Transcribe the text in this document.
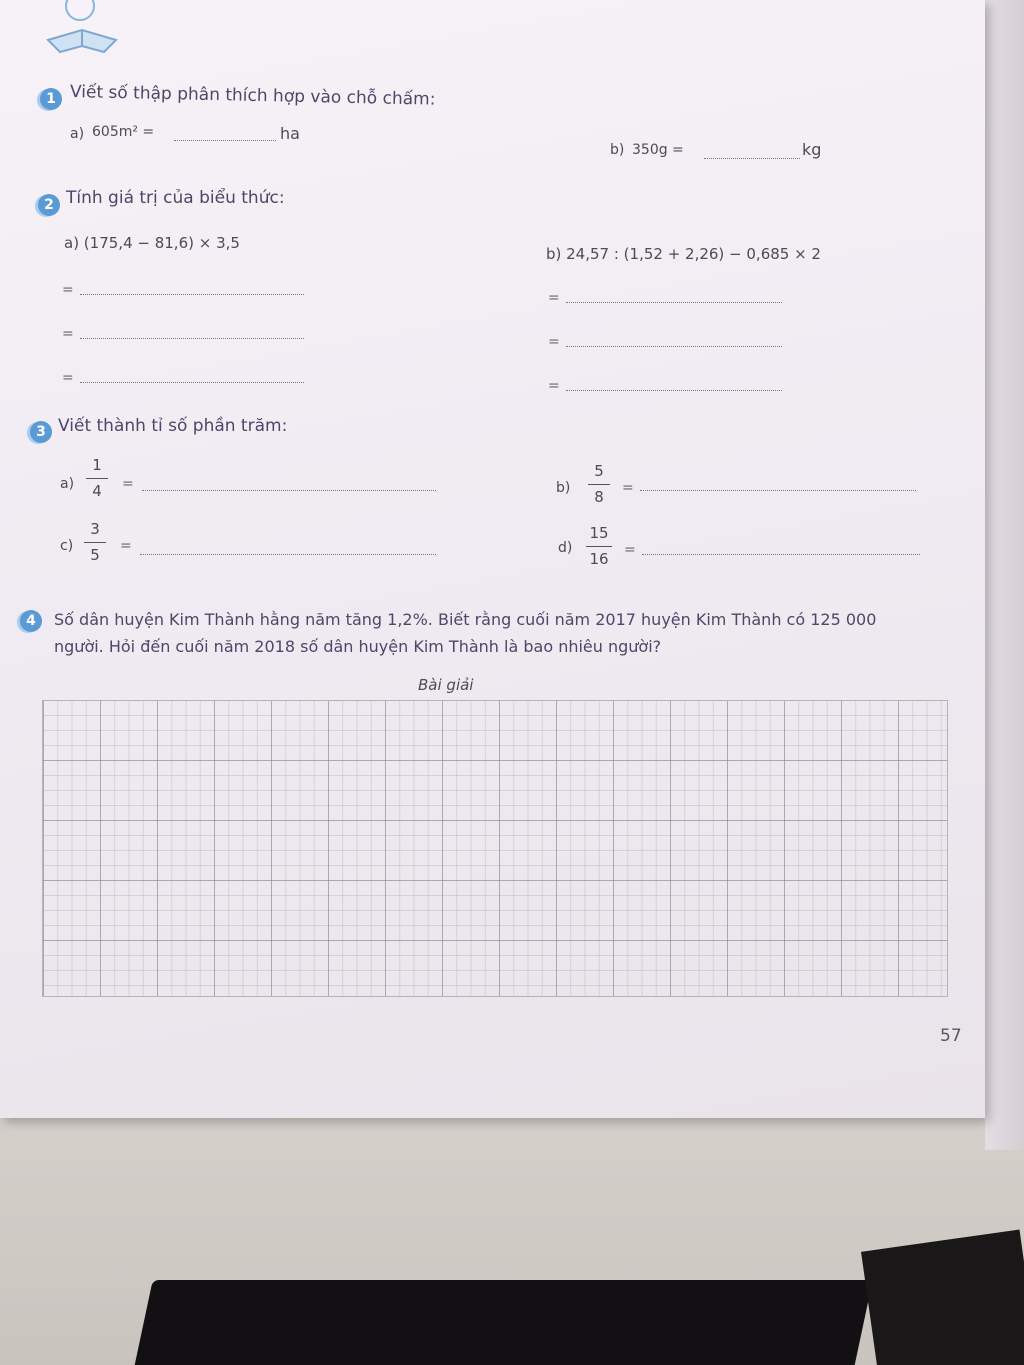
1 Viết số thập phân thích hợp vào chỗ chấm:
a) 605m² =	ha
b) 350g =	kg
2 Tính giá trị của biểu thức:
a) (175,4 − 81,6) × 3,5
b) 24,57 : (1,52 + 2,26) − 0,685 × 2
=
=
=
=
=
=
3 Viết thành tỉ số phần trăm:
a)
1
4 =	b)
5
8 =
c)
3
5 =	d)
15
16 =
4	Số dân huyện Kim Thành hằng năm tăng 1,2%. Biết rằng cuối năm 2017 huyện Kim Thành có 125 000 người. Hỏi đến cuối năm 2018 số dân huyện Kim Thành là bao nhiêu người?
Bài giải
57
